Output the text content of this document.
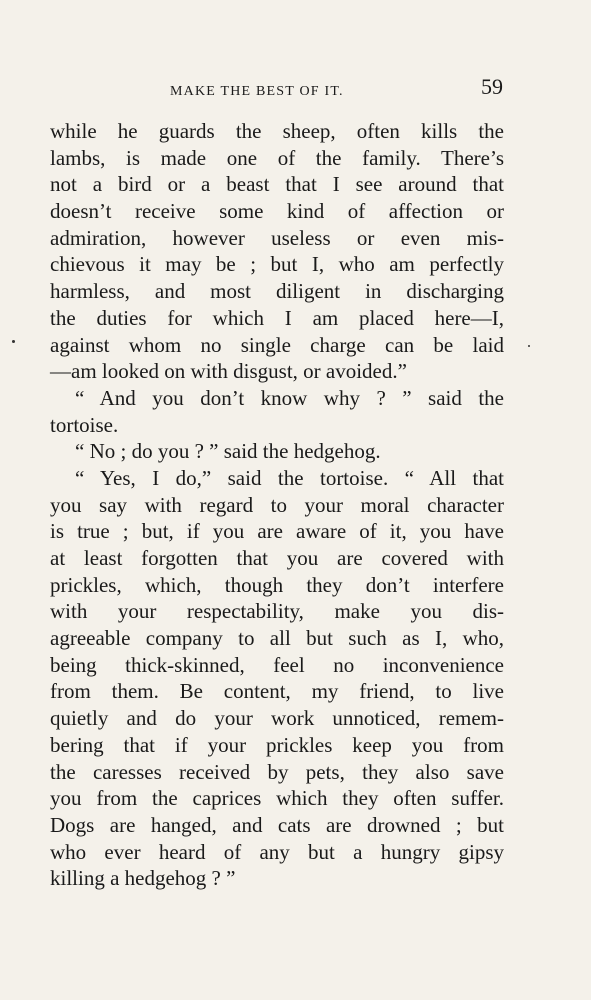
MAKE THE BEST OF IT.	59
while he guards the sheep, often kills the
lambs, is made one of the family. There’s
not a bird or a beast that I see around that
doesn’t receive some kind of affection or
admiration, however useless or even mis-
chievous it may be ; but I, who am perfectly
harmless, and most diligent in discharging
the duties for which I am placed here—I,
against whom no single charge can be laid
—am looked on with disgust, or avoided.”
“ And you don’t know why ? ” said the
tortoise.
“ No ; do you ? ” said the hedgehog.
“ Yes, I do,” said the tortoise. “ All that
you say with regard to your moral character
is true ; but, if you are aware of it, you have
at least forgotten that you are covered with
prickles, which, though they don’t interfere
with your respectability, make you dis-
agreeable company to all but such as I, who,
being thick-skinned, feel no inconvenience
from them. Be content, my friend, to live
quietly and do your work unnoticed, remem-
bering that if your prickles keep you from
the caresses received by pets, they also save
you from the caprices which they often suffer.
Dogs are hanged, and cats are drowned ; but
who ever heard of any but a hungry gipsy
killing a hedgehog ? ”
